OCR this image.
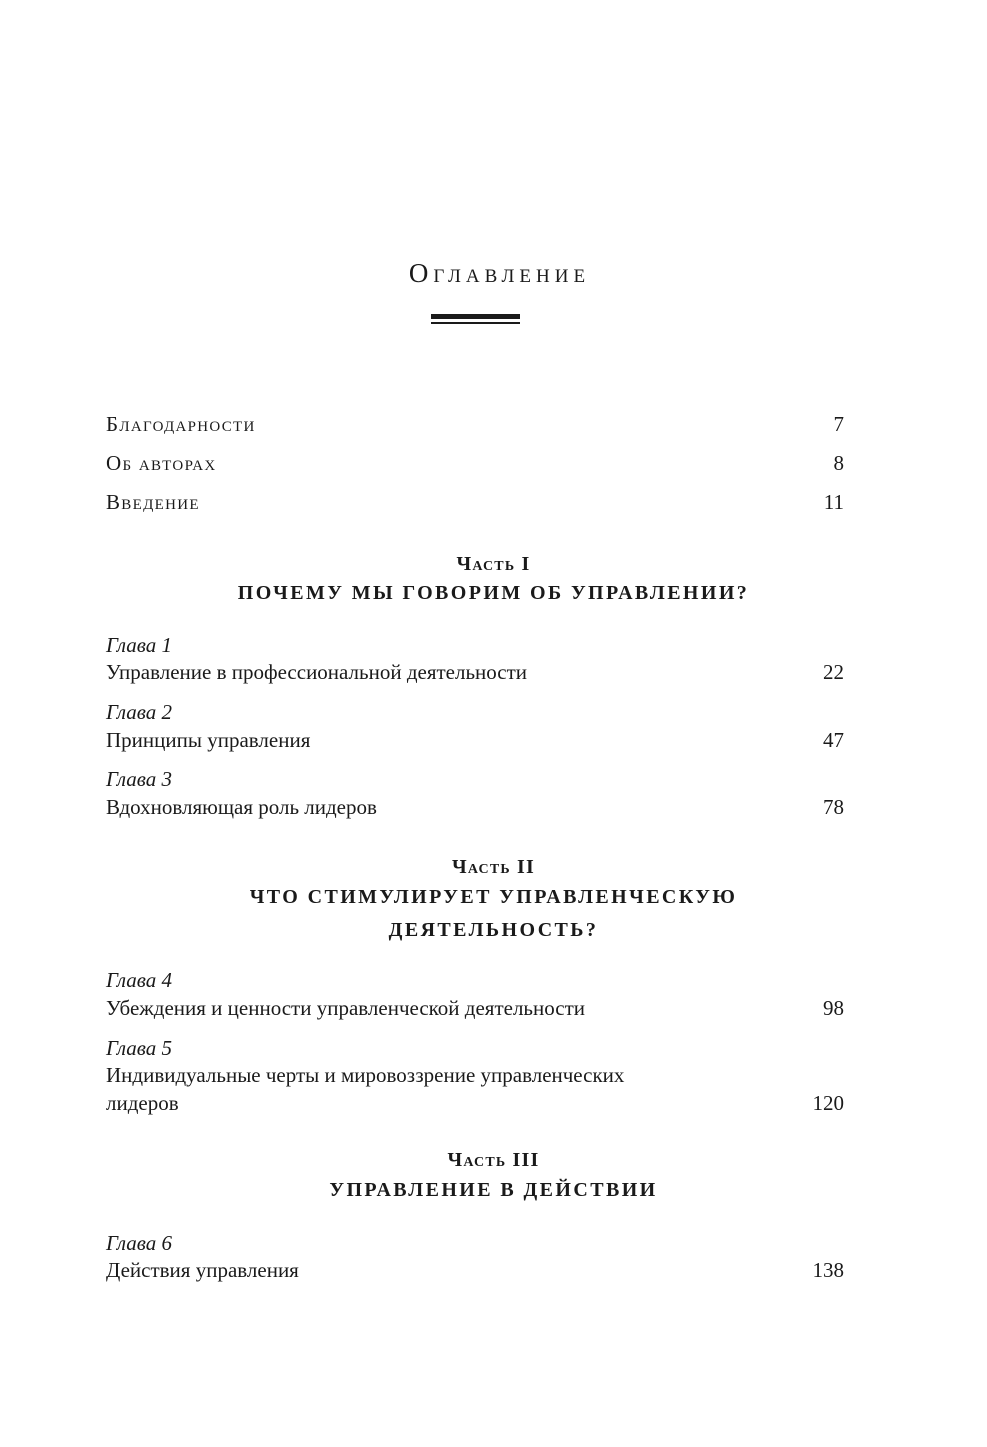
Оглавление
Благодарности	7
Об авторах	8
Введение	11
Часть I
ПОЧЕМУ МЫ ГОВОРИМ ОБ УПРАВЛЕНИИ?
Глава 1
Управление в профессиональной деятельности	22
Глава 2
Принципы управления	47
Глава 3
Вдохновляющая роль лидеров	78
Часть II
ЧТО СТИМУЛИРУЕТ УПРАВЛЕНЧЕСКУЮ
ДЕЯТЕЛЬНОСТЬ?
Глава 4
Убеждения и ценности управленческой деятельности	98
Глава 5
Индивидуальные черты и мировоззрение управленческих
лидеров	120
Часть III
УПРАВЛЕНИЕ В ДЕЙСТВИИ
Глава 6
Действия управления	138
